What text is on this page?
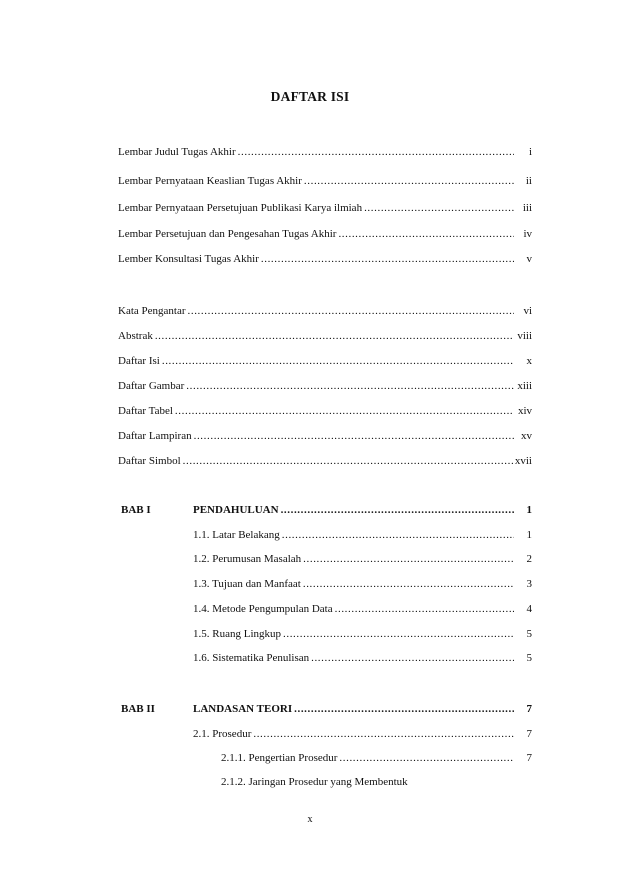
DAFTAR ISI
Lembar Judul Tugas Akhir .....	i
Lembar Pernyataan Keaslian Tugas Akhir .....	ii
Lembar Pernyataan Persetujuan Publikasi Karya ilmiah .....	iii
Lembar Persetujuan dan Pengesahan Tugas Akhir .....	iv
Lember Konsultasi Tugas Akhir .....	v
Kata Pengantar .....	vi
Abstrak .....	viii
Daftar Isi .....	x
Daftar Gambar .....	xiii
Daftar Tabel .....	xiv
Daftar Lampiran .....	xv
Daftar Simbol .....	xvii
BAB I	PENDAHULUAN .....	1
1.1. Latar Belakang .....	1
1.2. Perumusan Masalah .....	2
1.3. Tujuan dan Manfaat .....	3
1.4. Metode Pengumpulan Data .....	4
1.5. Ruang Lingkup .....	5
1.6. Sistematika Penulisan .....	5
BAB II	LANDASAN TEORI .....	7
2.1. Prosedur .....	7
2.1.1. Pengertian Prosedur .....	7
2.1.2. Jaringan Prosedur yang Membentuk
x
